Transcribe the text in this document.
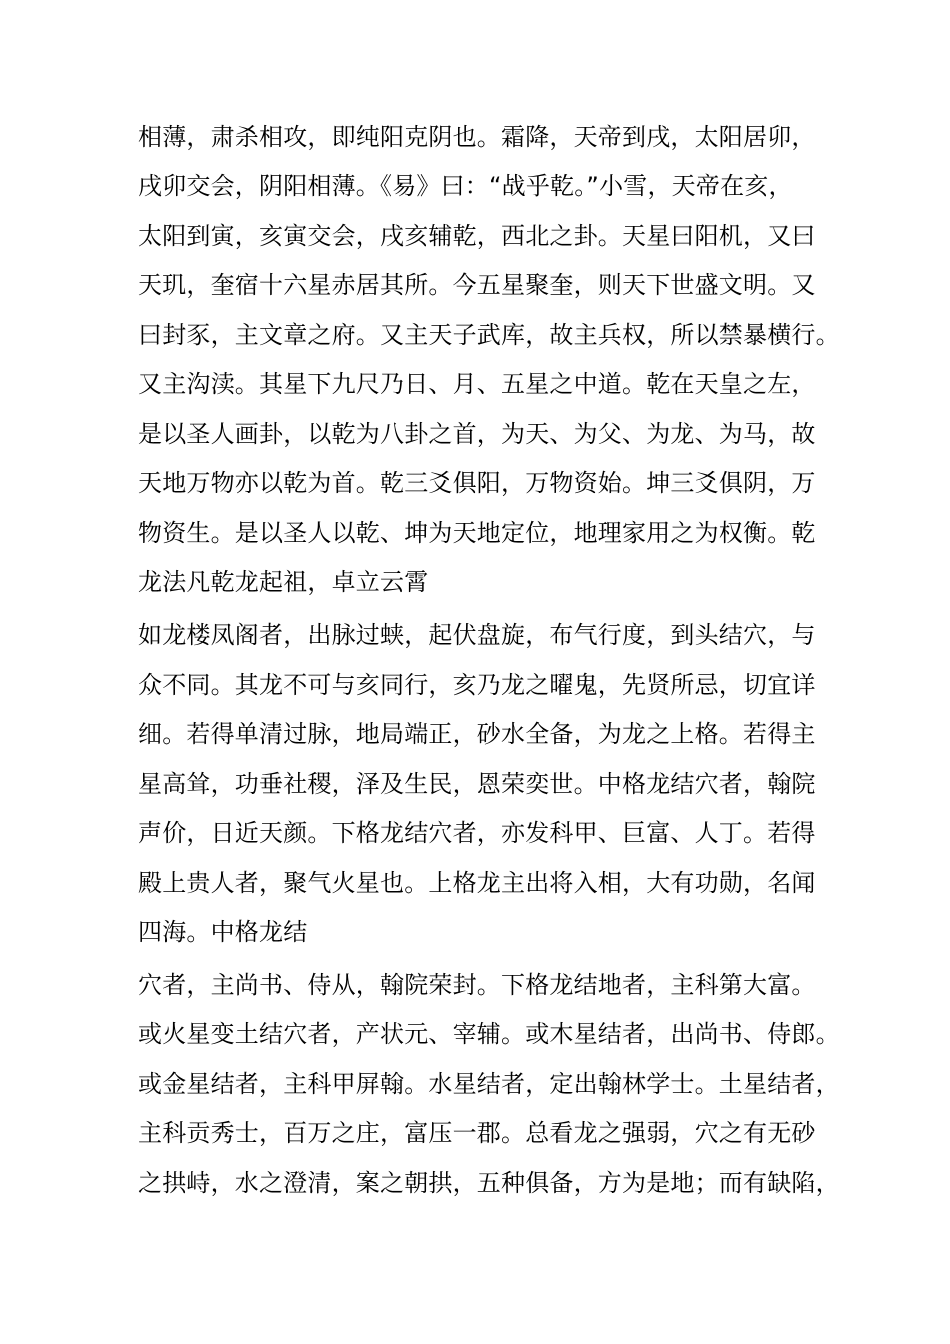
相薄，肃杀相攻，即纯阳克阴也。霜降，天帝到戌，太阳居卯，
戌卯交会，阴阳相薄。《易》曰：“战乎乾。”小雪，天帝在亥，
太阳到寅，亥寅交会，戌亥辅乾，西北之卦。天星曰阳机，又曰
天玑，奎宿十六星赤居其所。今五星聚奎，则天下世盛文明。又
曰封豕，主文章之府。又主天子武库，故主兵权，所以禁暴横行。
又主沟渎。其星下九尺乃日、月、五星之中道。乾在天皇之左，
是以圣人画卦，以乾为八卦之首，为天、为父、为龙、为马，故
天地万物亦以乾为首。乾三爻俱阳，万物资始。坤三爻俱阴，万
物资生。是以圣人以乾、坤为天地定位，地理家用之为权衡。乾
龙法凡乾龙起祖，卓立云霄
如龙楼凤阁者，出脉过蛱，起伏盘旋，布气行度，到头结穴，与
众不同。其龙不可与亥同行，亥乃龙之曜鬼，先贤所忌，切宜详
细。若得单清过脉，地局端正，砂水全备，为龙之上格。若得主
星高耸，功垂社稷，泽及生民，恩荣奕世。中格龙结穴者，翰院
声价，日近天颜。下格龙结穴者，亦发科甲、巨富、人丁。若得
殿上贵人者，聚气火星也。上格龙主出将入相，大有功勋，名闻
四海。中格龙结
穴者，主尚书、侍从，翰院荣封。下格龙结地者，主科第大富。
或火星变土结穴者，产状元、宰辅。或木星结者，出尚书、侍郎。
或金星结者，主科甲屏翰。水星结者，定出翰林学士。土星结者，
主科贡秀士，百万之庄，富压一郡。总看龙之强弱，穴之有无砂
之拱峙，水之澄清，案之朝拱，五种俱备，方为是地；而有缺陷，
